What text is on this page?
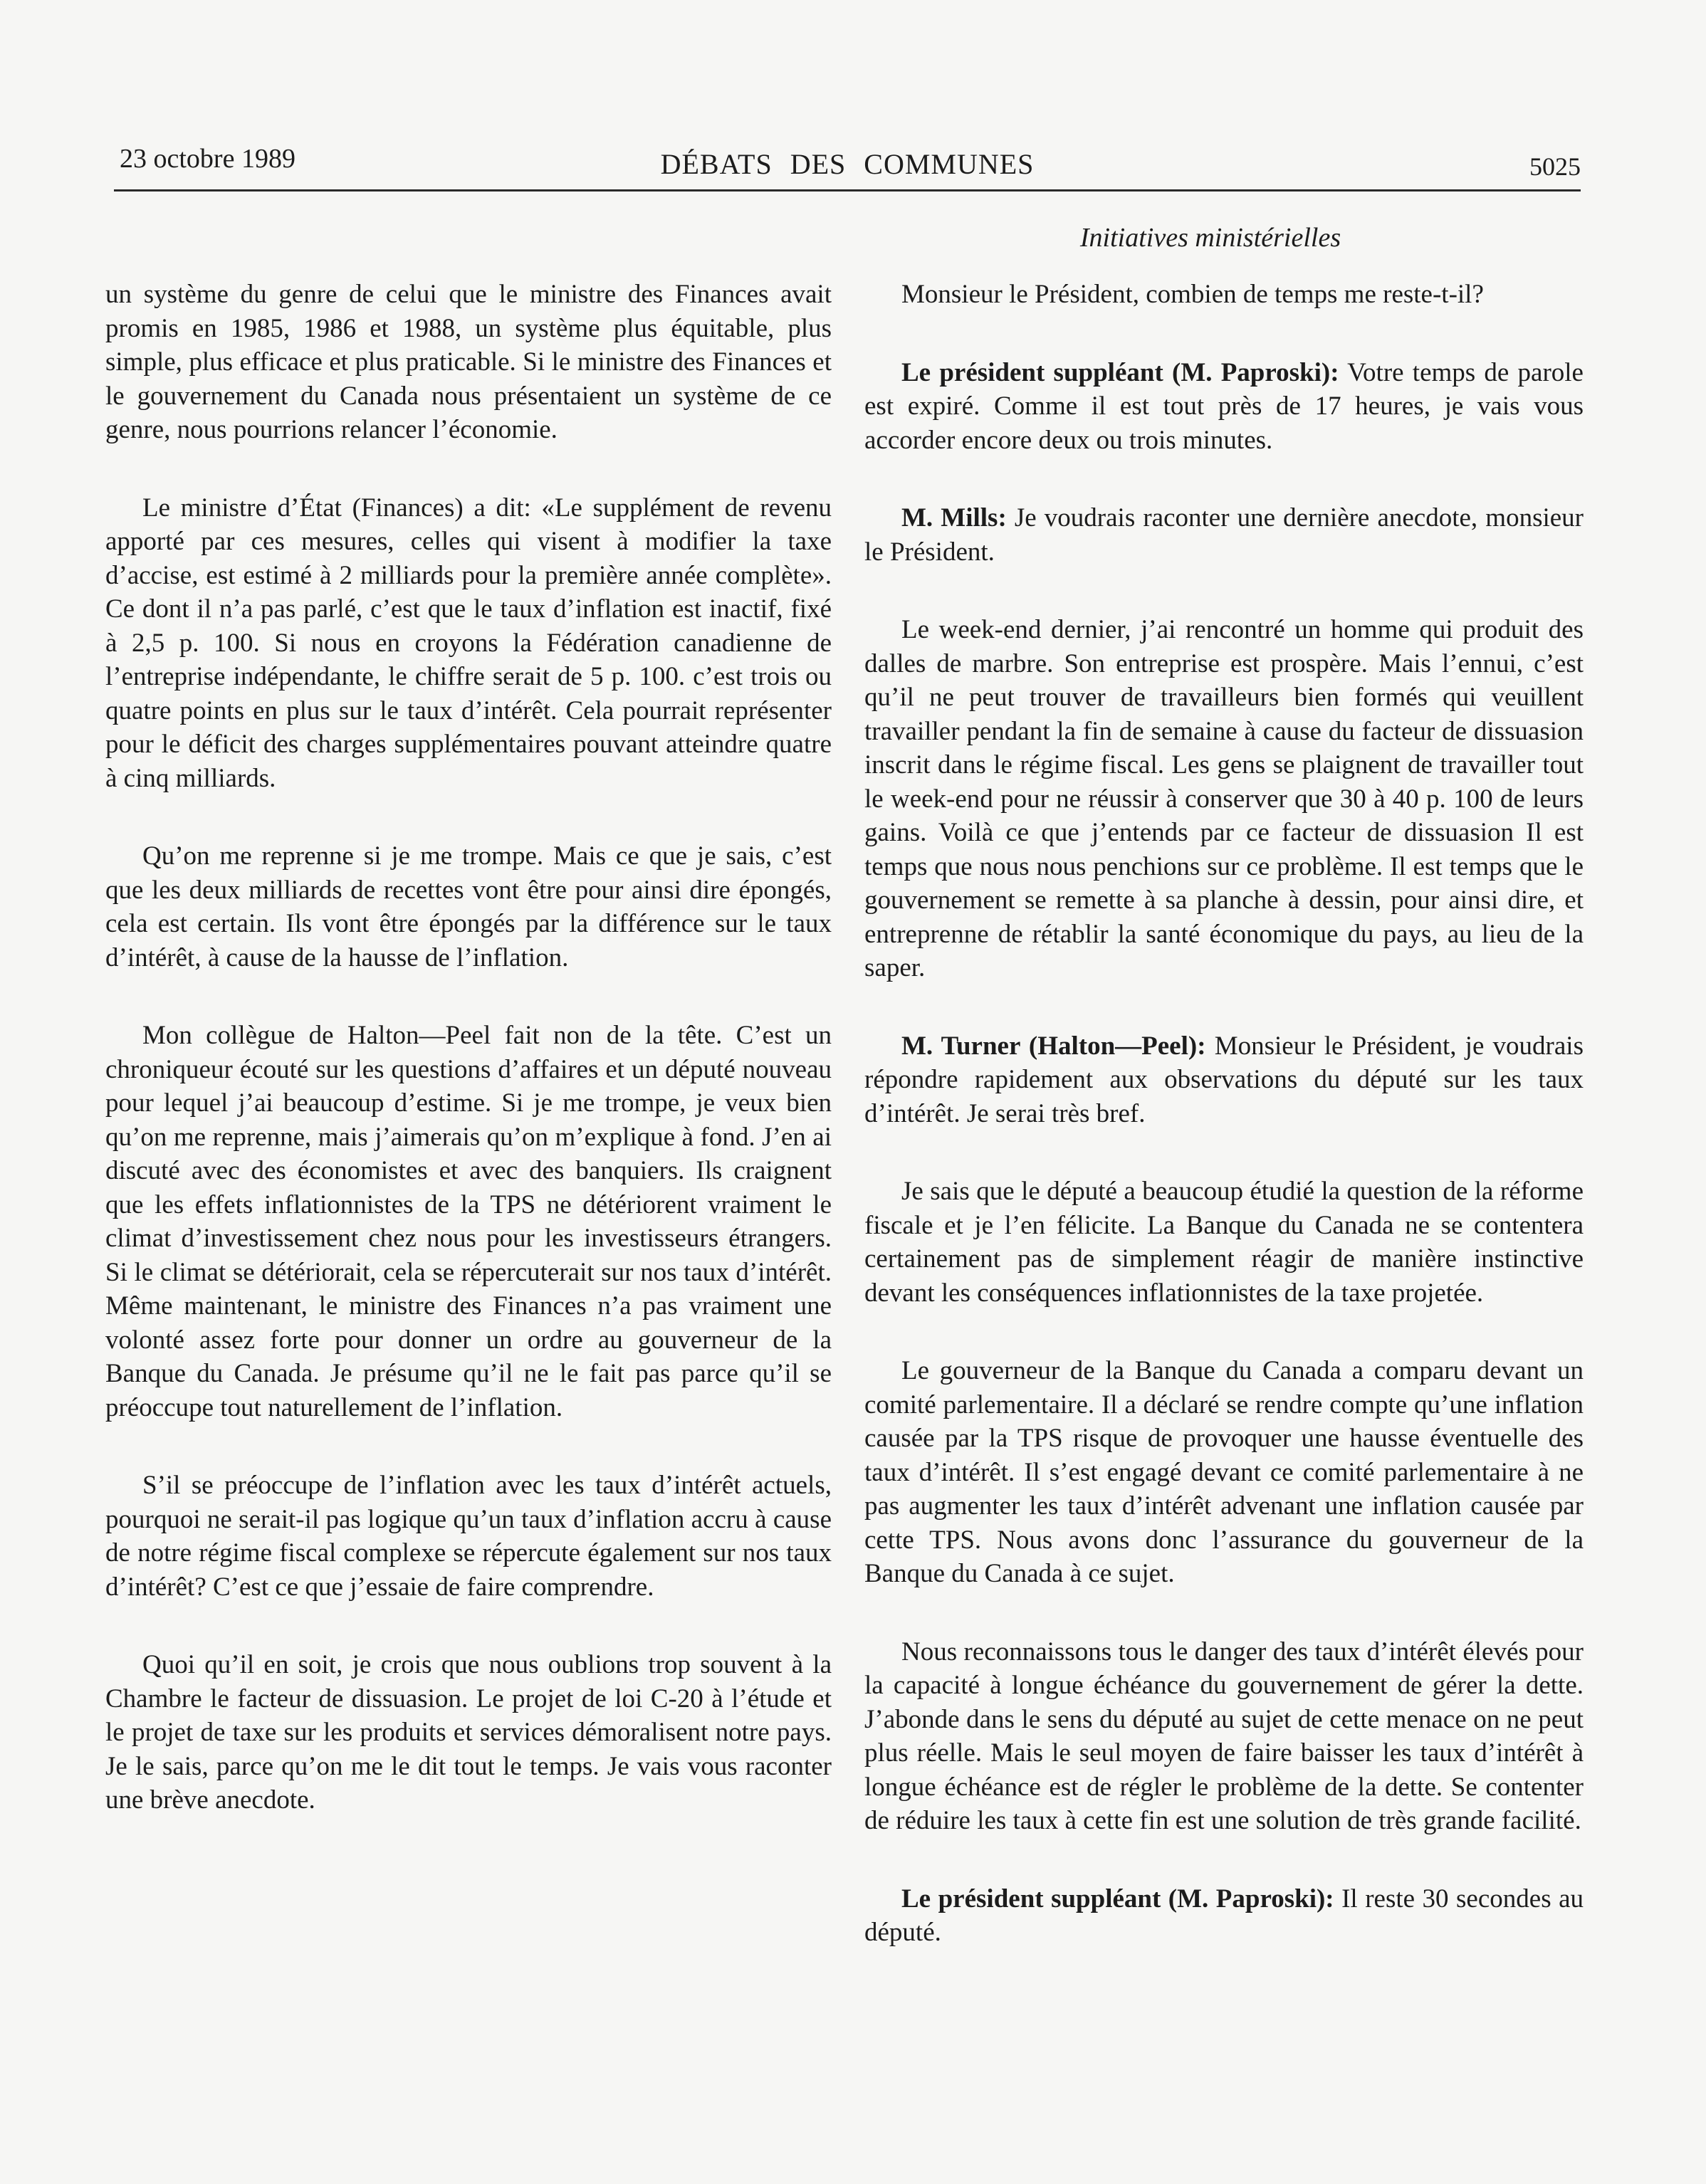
23 octobre 1989	DÉBATS DES COMMUNES	5025
Initiatives ministérielles

un système du genre de celui que le ministre des Finances avait promis en 1985, 1986 et 1988, un système plus équitable, plus simple, plus efficace et plus praticable. Si le ministre des Finances et le gouvernement du Canada nous présentaient un système de ce genre, nous pourrions relancer l’économie.

Le ministre d’État (Finances) a dit: «Le supplément de revenu apporté par ces mesures, celles qui visent à modifier la taxe d’accise, est estimé à 2 milliards pour la première année complète». Ce dont il n’a pas parlé, c’est que le taux d’inflation est inactif, fixé à 2,5 p. 100. Si nous en croyons la Fédération canadienne de l’entreprise indépendante, le chiffre serait de 5 p. 100. c’est trois ou quatre points en plus sur le taux d’intérêt. Cela pourrait représenter pour le déficit des charges supplémentaires pouvant atteindre quatre à cinq milliards.

Qu’on me reprenne si je me trompe. Mais ce que je sais, c’est que les deux milliards de recettes vont être pour ainsi dire épongés, cela est certain. Ils vont être épongés par la différence sur le taux d’intérêt, à cause de la hausse de l’inflation.

Mon collègue de Halton—Peel fait non de la tête. C’est un chroniqueur écouté sur les questions d’affaires et un député nouveau pour lequel j’ai beaucoup d’estime. Si je me trompe, je veux bien qu’on me reprenne, mais j’aimerais qu’on m’explique à fond. J’en ai discuté avec des économistes et avec des banquiers. Ils craignent que les effets inflationnistes de la TPS ne détériorent vraiment le climat d’investissement chez nous pour les investisseurs étrangers. Si le climat se détériorait, cela se répercuterait sur nos taux d’intérêt. Même maintenant, le ministre des Finances n’a pas vraiment une volonté assez forte pour donner un ordre au gouverneur de la Banque du Canada. Je présume qu’il ne le fait pas parce qu’il se préoccupe tout naturellement de l’inflation.

S’il se préoccupe de l’inflation avec les taux d’intérêt actuels, pourquoi ne serait-il pas logique qu’un taux d’inflation accru à cause de notre régime fiscal complexe se répercute également sur nos taux d’intérêt? C’est ce que j’essaie de faire comprendre.

Quoi qu’il en soit, je crois que nous oublions trop souvent à la Chambre le facteur de dissuasion. Le projet de loi C-20 à l’étude et le projet de taxe sur les produits et services démoralisent notre pays. Je le sais, parce qu’on me le dit tout le temps. Je vais vous raconter une brève anecdote.

Monsieur le Président, combien de temps me reste-t-il?

Le président suppléant (M. Paproski): Votre temps de parole est expiré. Comme il est tout près de 17 heures, je vais vous accorder encore deux ou trois minutes.

M. Mills: Je voudrais raconter une dernière anecdote, monsieur le Président.

Le week-end dernier, j’ai rencontré un homme qui produit des dalles de marbre. Son entreprise est prospère. Mais l’ennui, c’est qu’il ne peut trouver de travailleurs bien formés qui veuillent travailler pendant la fin de semaine à cause du facteur de dissuasion inscrit dans le régime fiscal. Les gens se plaignent de travailler tout le week-end pour ne réussir à conserver que 30 à 40 p. 100 de leurs gains. Voilà ce que j’entends par ce facteur de dissuasion Il est temps que nous nous penchions sur ce problème. Il est temps que le gouvernement se remette à sa planche à dessin, pour ainsi dire, et entreprenne de rétablir la santé économique du pays, au lieu de la saper.

M. Turner (Halton—Peel): Monsieur le Président, je voudrais répondre rapidement aux observations du député sur les taux d’intérêt. Je serai très bref.

Je sais que le député a beaucoup étudié la question de la réforme fiscale et je l’en félicite. La Banque du Canada ne se contentera certainement pas de simplement réagir de manière instinctive devant les conséquences inflationnistes de la taxe projetée.

Le gouverneur de la Banque du Canada a comparu devant un comité parlementaire. Il a déclaré se rendre compte qu’une inflation causée par la TPS risque de provoquer une hausse éventuelle des taux d’intérêt. Il s’est engagé devant ce comité parlementaire à ne pas augmenter les taux d’intérêt advenant une inflation causée par cette TPS. Nous avons donc l’assurance du gouverneur de la Banque du Canada à ce sujet.

Nous reconnaissons tous le danger des taux d’intérêt élevés pour la capacité à longue échéance du gouvernement de gérer la dette. J’abonde dans le sens du député au sujet de cette menace on ne peut plus réelle. Mais le seul moyen de faire baisser les taux d’intérêt à longue échéance est de régler le problème de la dette. Se contenter de réduire les taux à cette fin est une solution de très grande facilité.

Le président suppléant (M. Paproski): Il reste 30 secondes au député.
